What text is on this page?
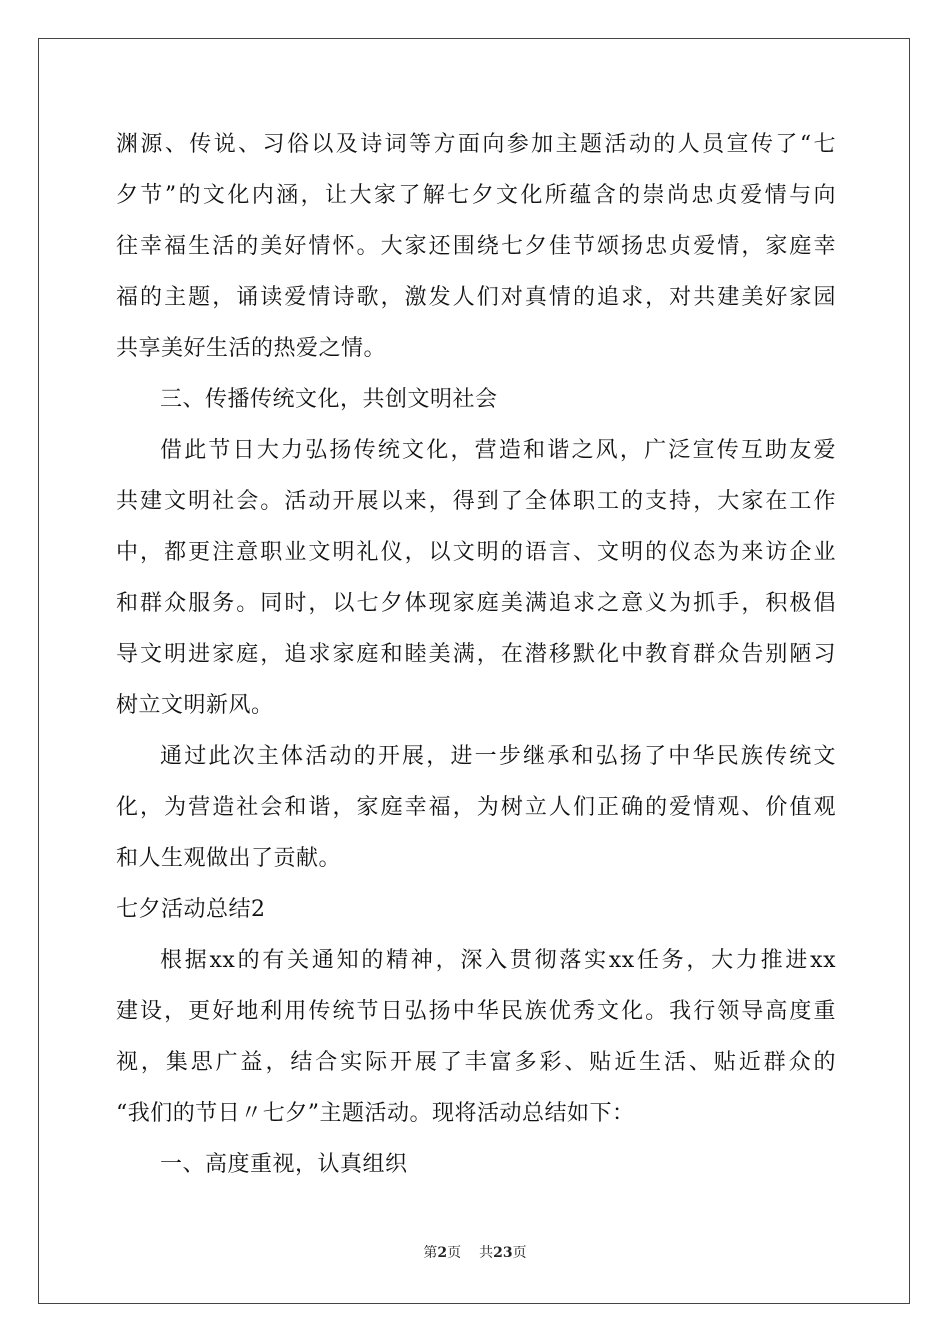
渊源、传说、习俗以及诗词等方面向参加主题活动的人员宣传了“七
夕节”的文化内涵，让大家了解七夕文化所蕴含的崇尚忠贞爱情与向
往幸福生活的美好情怀。大家还围绕七夕佳节颂扬忠贞爱情，家庭幸
福的主题，诵读爱情诗歌，激发人们对真情的追求，对共建美好家园
共享美好生活的热爱之情。
三、传播传统文化，共创文明社会
借此节日大力弘扬传统文化，营造和谐之风，广泛宣传互助友爱
共建文明社会。活动开展以来，得到了全体职工的支持，大家在工作
中，都更注意职业文明礼仪，以文明的语言、文明的仪态为来访企业
和群众服务。同时，以七夕体现家庭美满追求之意义为抓手，积极倡
导文明进家庭，追求家庭和睦美满，在潜移默化中教育群众告别陋习
树立文明新风。
通过此次主体活动的开展，进一步继承和弘扬了中华民族传统文
化，为营造社会和谐，家庭幸福，为树立人们正确的爱情观、价值观
和人生观做出了贡献。
七夕活动总结2
根据xx的有关通知的精神，深入贯彻落实xx任务，大力推进xx
建设，更好地利用传统节日弘扬中华民族优秀文化。我行领导高度重
视，集思广益，结合实际开展了丰富多彩、贴近生活、贴近群众的
“我们的节日〃七夕”主题活动。现将活动总结如下：
一、高度重视，认真组织
第2页 共23页
